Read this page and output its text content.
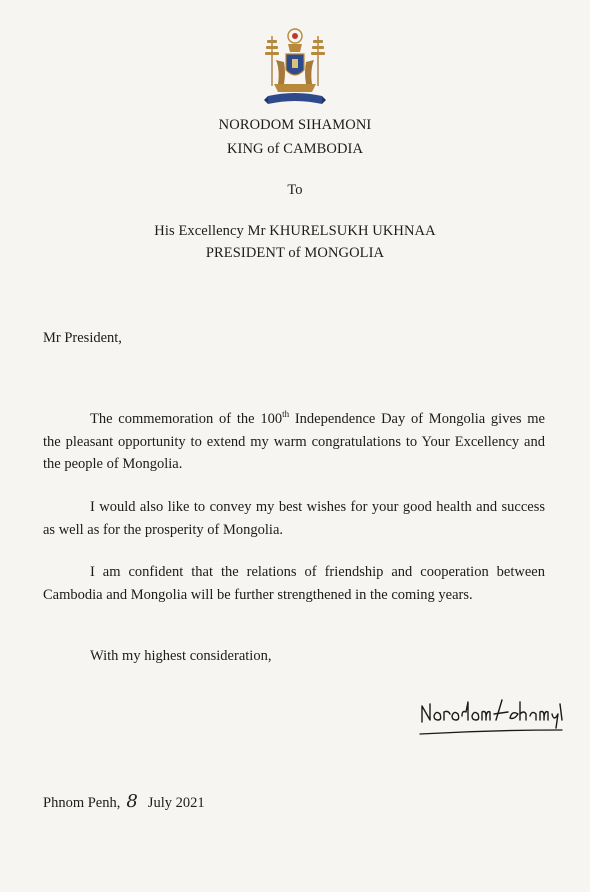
NORODOM SIHAMONI
KING of CAMBODIA
To
His Excellency Mr KHURELSUKH UKHNAA
PRESIDENT of MONGOLIA
Mr President,
The commemoration of the 100th Independence Day of Mongolia gives me the pleasant opportunity to extend my warm congratulations to Your Excellency and the people of Mongolia.
I would also like to convey my best wishes for your good health and success as well as for the prosperity of Mongolia.
I am confident that the relations of friendship and cooperation between Cambodia and Mongolia will be further strengthened in the coming years.
With my highest consideration,
Phnom Penh, 8 July 2021
